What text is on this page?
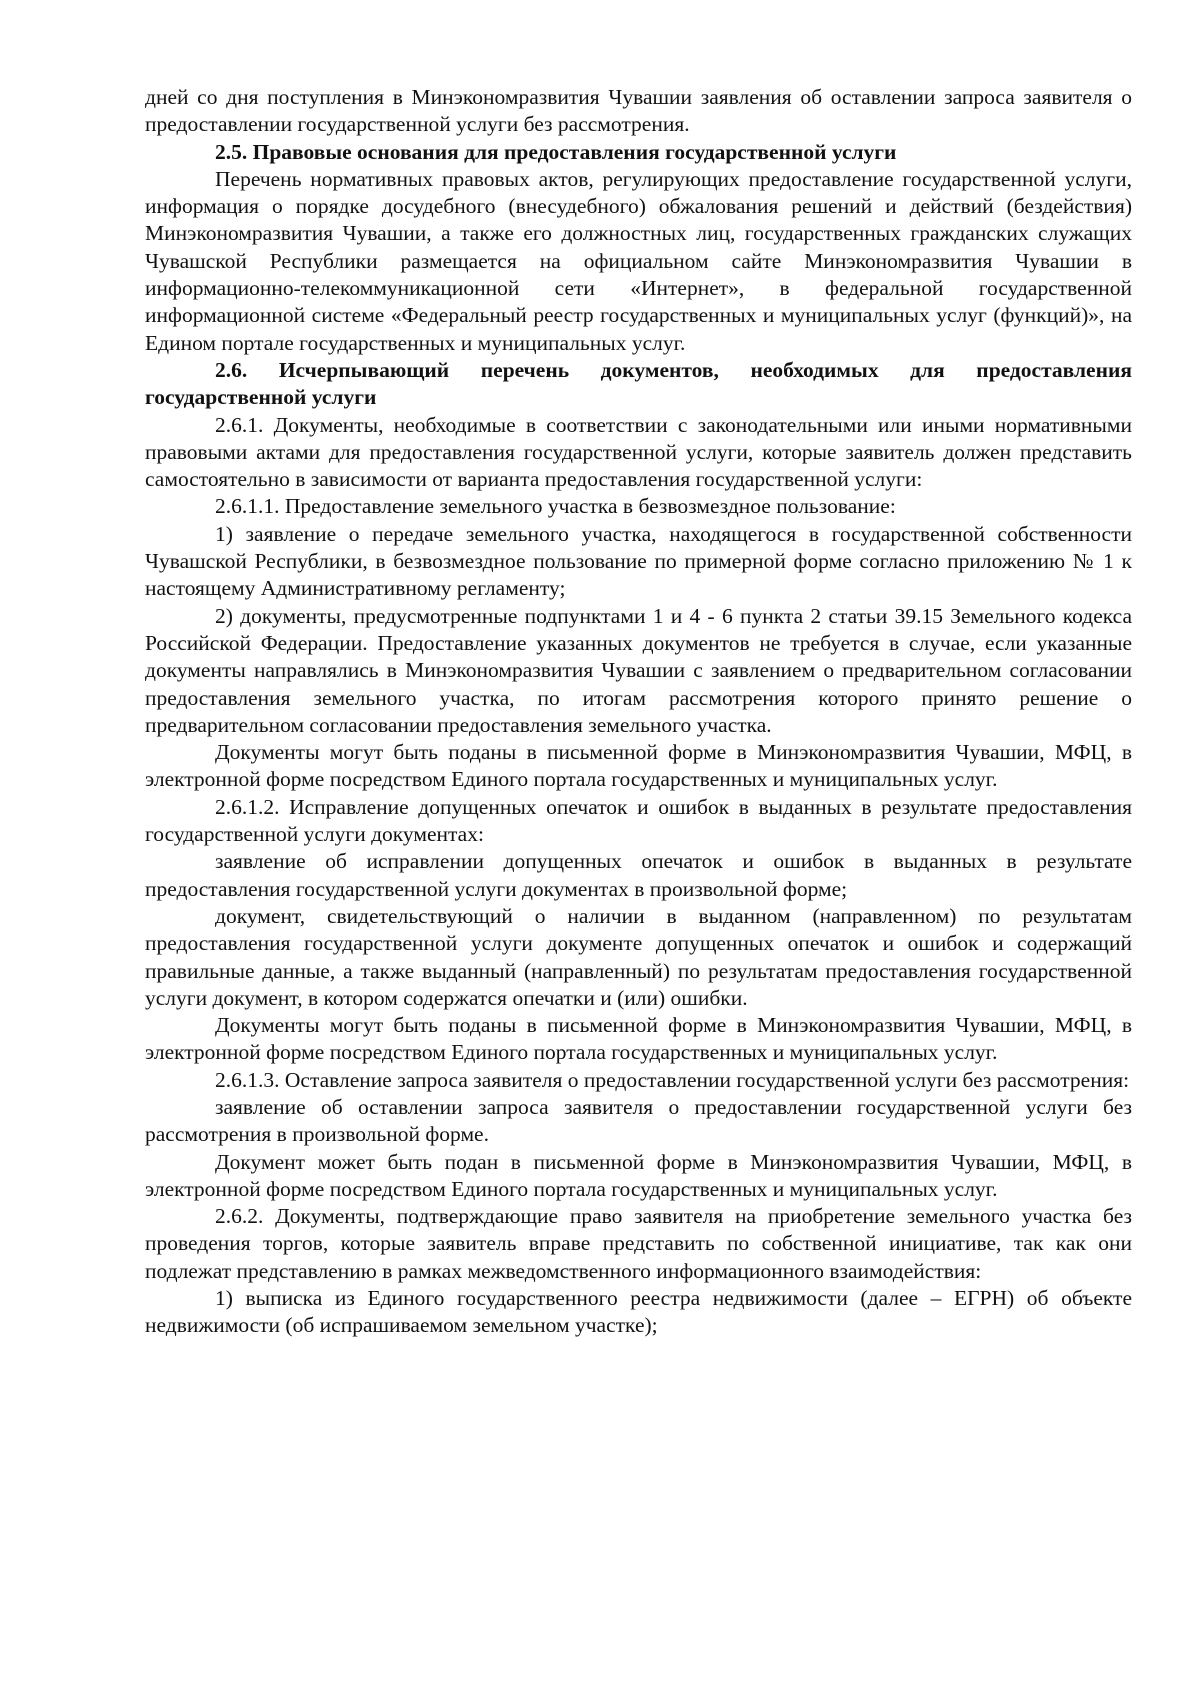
дней со дня поступления в Минэкономразвития Чувашии заявления об оставлении запроса заявителя о предоставлении государственной услуги без рассмотрения.

2.5. Правовые основания для предоставления государственной услуги

Перечень нормативных правовых актов, регулирующих предоставление государственной услуги, информация о порядке досудебного (внесудебного) обжалования решений и действий (бездействия) Минэкономразвития Чувашии, а также его должностных лиц, государственных гражданских служащих Чувашской Республики размещается на официальном сайте Минэкономразвития Чувашии в информационно-телекоммуникационной сети «Интернет», в федеральной государственной информационной системе «Федеральный реестр государственных и муниципальных услуг (функций)», на Едином портале государственных и муниципальных услуг.

2.6. Исчерпывающий перечень документов, необходимых для предоставления государственной услуги

2.6.1. Документы, необходимые в соответствии с законодательными или иными нормативными правовыми актами для предоставления государственной услуги, которые заявитель должен представить самостоятельно в зависимости от варианта предоставления государственной услуги:

2.6.1.1. Предоставление земельного участка в безвозмездное пользование:

1) заявление о передаче земельного участка, находящегося в государственной собственности Чувашской Республики, в безвозмездное пользование по примерной форме согласно приложению № 1 к настоящему Административному регламенту;

2) документы, предусмотренные подпунктами 1 и 4 - 6 пункта 2 статьи 39.15 Земельного кодекса Российской Федерации. Предоставление указанных документов не требуется в случае, если указанные документы направлялись в Минэкономразвития Чувашии с заявлением о предварительном согласовании предоставления земельного участка, по итогам рассмотрения которого принято решение о предварительном согласовании предоставления земельного участка.

Документы могут быть поданы в письменной форме в Минэкономразвития Чувашии, МФЦ, в электронной форме посредством Единого портала государственных и муниципальных услуг.

2.6.1.2. Исправление допущенных опечаток и ошибок в выданных в результате предоставления государственной услуги документах:

заявление об исправлении допущенных опечаток и ошибок в выданных в результате предоставления государственной услуги документах в произвольной форме;

документ, свидетельствующий о наличии в выданном (направленном) по результатам предоставления государственной услуги документе допущенных опечаток и ошибок и содержащий правильные данные, а также выданный (направленный) по результатам предоставления государственной услуги документ, в котором содержатся опечатки и (или) ошибки.

Документы могут быть поданы в письменной форме в Минэкономразвития Чувашии, МФЦ, в электронной форме посредством Единого портала государственных и муниципальных услуг.

2.6.1.3. Оставление запроса заявителя о предоставлении государственной услуги без рассмотрения:

заявление об оставлении запроса заявителя о предоставлении государственной услуги без рассмотрения в произвольной форме.

Документ может быть подан в письменной форме в Минэкономразвития Чувашии, МФЦ, в электронной форме посредством Единого портала государственных и муниципальных услуг.

2.6.2. Документы, подтверждающие право заявителя на приобретение земельного участка без проведения торгов, которые заявитель вправе представить по собственной инициативе, так как они подлежат представлению в рамках межведомственного информационного взаимодействия:

1) выписка из Единого государственного реестра недвижимости (далее – ЕГРН) об объекте недвижимости (об испрашиваемом земельном участке);
